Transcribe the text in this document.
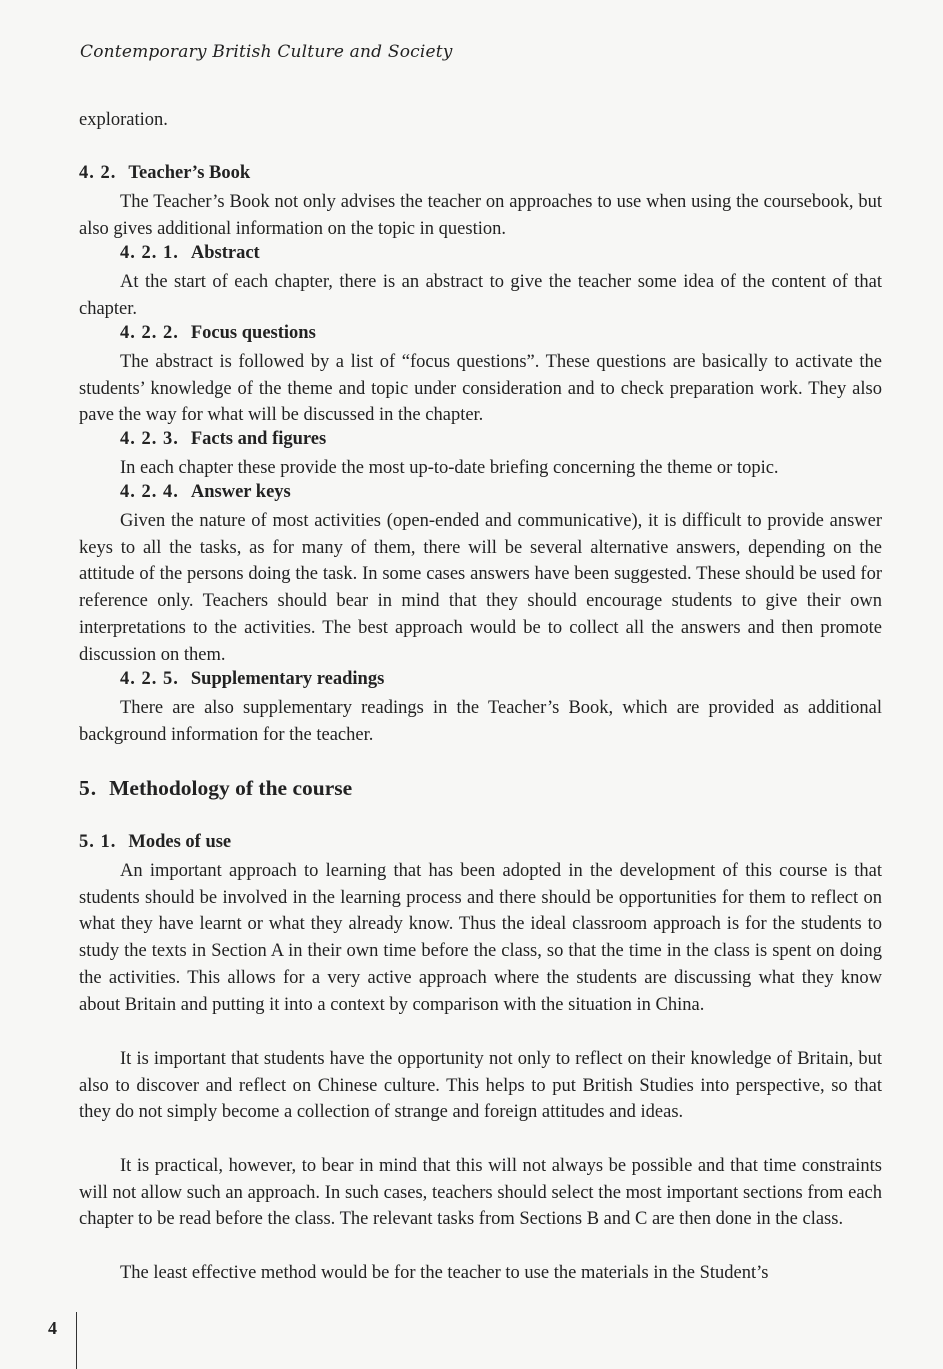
Contemporary British Culture and Society

exploration.

4. 2. Teacher’s Book

The Teacher’s Book not only advises the teacher on approaches to use when using the coursebook, but also gives additional information on the topic in question.

4. 2. 1. Abstract

At the start of each chapter, there is an abstract to give the teacher some idea of the content of that chapter.

4. 2. 2. Focus questions

The abstract is followed by a list of “focus questions”. These questions are basically to activate the students’ knowledge of the theme and topic under consideration and to check preparation work. They also pave the way for what will be discussed in the chapter.

4. 2. 3. Facts and figures

In each chapter these provide the most up-to-date briefing concerning the theme or topic.

4. 2. 4. Answer keys

Given the nature of most activities (open-ended and communicative), it is difficult to provide answer keys to all the tasks, as for many of them, there will be several alternative answers, depending on the attitude of the persons doing the task. In some cases answers have been suggested. These should be used for reference only. Teachers should bear in mind that they should encourage students to give their own interpretations to the activities. The best approach would be to collect all the answers and then promote discussion on them.

4. 2. 5. Supplementary readings

There are also supplementary readings in the Teacher’s Book, which are provided as additional background information for the teacher.

5. Methodology of the course
5. 1. Modes of use

An important approach to learning that has been adopted in the development of this course is that students should be involved in the learning process and there should be opportunities for them to reflect on what they have learnt or what they already know. Thus the ideal classroom approach is for the students to study the texts in Section A in their own time before the class, so that the time in the class is spent on doing the activities. This allows for a very active approach where the students are discussing what they know about Britain and putting it into a context by comparison with the situation in China.

It is important that students have the opportunity not only to reflect on their knowledge of Britain, but also to discover and reflect on Chinese culture. This helps to put British Studies into perspective, so that they do not simply become a collection of strange and foreign attitudes and ideas.

It is practical, however, to bear in mind that this will not always be possible and that time constraints will not allow such an approach. In such cases, teachers should select the most important sections from each chapter to be read before the class. The relevant tasks from Sections B and C are then done in the class.

The least effective method would be for the teacher to use the materials in the Student’s

4
